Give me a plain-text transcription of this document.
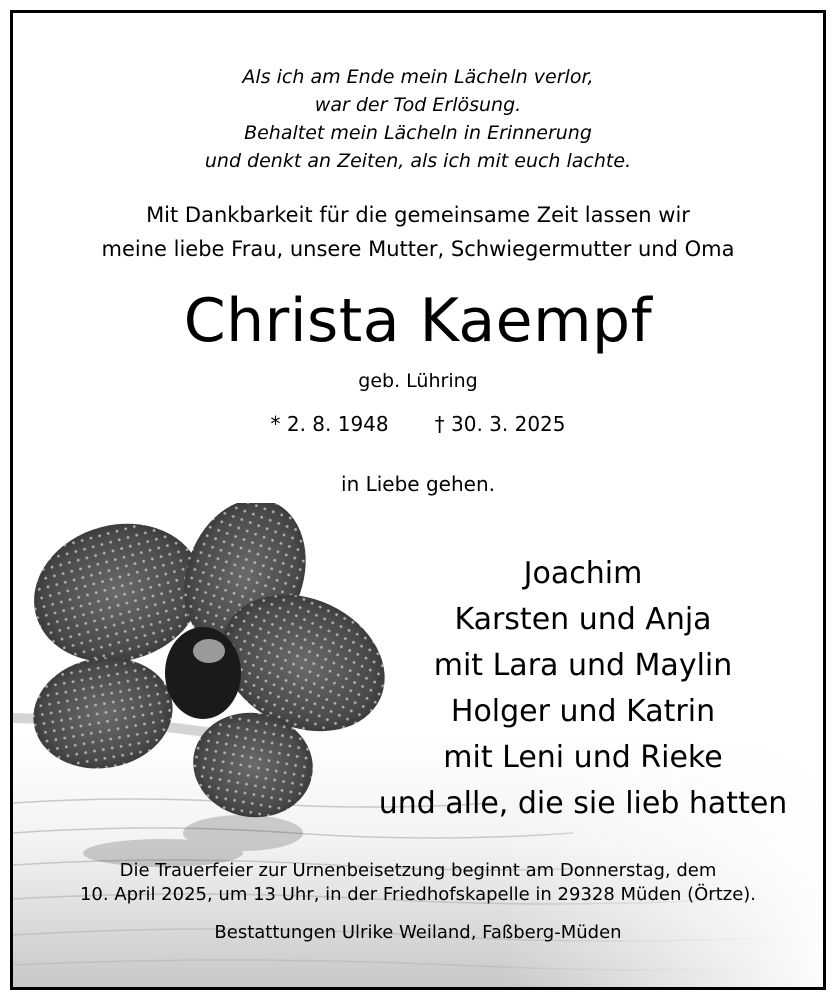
Als ich am Ende mein Lächeln verlor,
war der Tod Erlösung.
Behaltet mein Lächeln in Erinnerung
und denkt an Zeiten, als ich mit euch lachte.
Mit Dankbarkeit für die gemeinsame Zeit lassen wir
meine liebe Frau, unsere Mutter, Schwiegermutter und Oma
Christa Kaempf
geb. Lühring
* 2. 8. 1948 † 30. 3. 2025
in Liebe gehen.
Joachim
Karsten und Anja
mit Lara und Maylin
Holger und Katrin
mit Leni und Rieke
und alle, die sie lieb hatten
Die Trauerfeier zur Urnenbeisetzung beginnt am Donnerstag, dem
10. April 2025, um 13 Uhr, in der Friedhofskapelle in 29328 Müden (Örtze).
Bestattungen Ulrike Weiland, Faßberg-Müden
